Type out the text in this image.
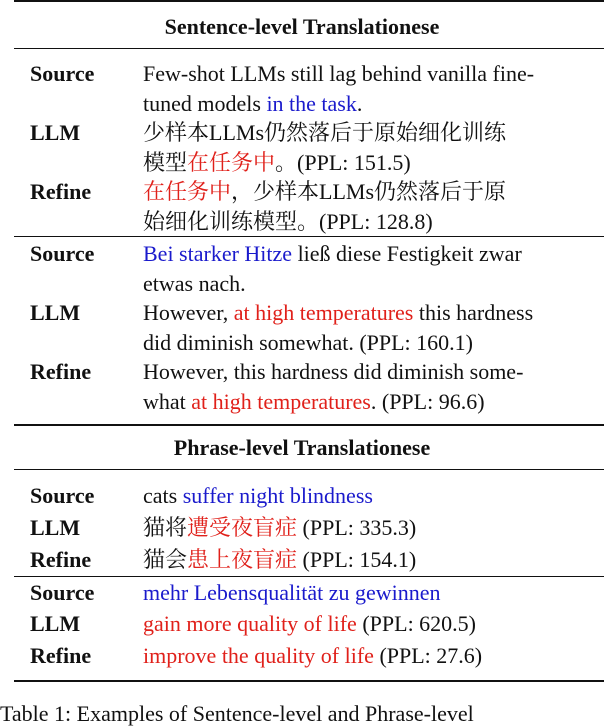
Sentence-level Translationese
Source	Few-shot LLMs still lag behind vanilla fine-
tuned models in the task.
LLM	少样本LLMs仍然落后于原始细化训练
模型在任务中。(PPL: 151.5)
Refine	在任务中，少样本LLMs仍然落后于原
始细化训练模型。(PPL: 128.8)
Source	Bei starker Hitze ließ diese Festigkeit zwar
etwas nach.
LLM	However, at high temperatures this hardness
did diminish somewhat. (PPL: 160.1)
Refine	However, this hardness did diminish some-
what at high temperatures. (PPL: 96.6)
Phrase-level Translationese
Source	cats suffer night blindness
LLM	猫将遭受夜盲症 (PPL: 335.3)
Refine	猫会患上夜盲症 (PPL: 154.1)
Source	mehr Lebensqualität zu gewinnen
LLM	gain more quality of life (PPL: 620.5)
Refine	improve the quality of life (PPL: 27.6)
Table 1: Examples of Sentence-level and Phrase-level
